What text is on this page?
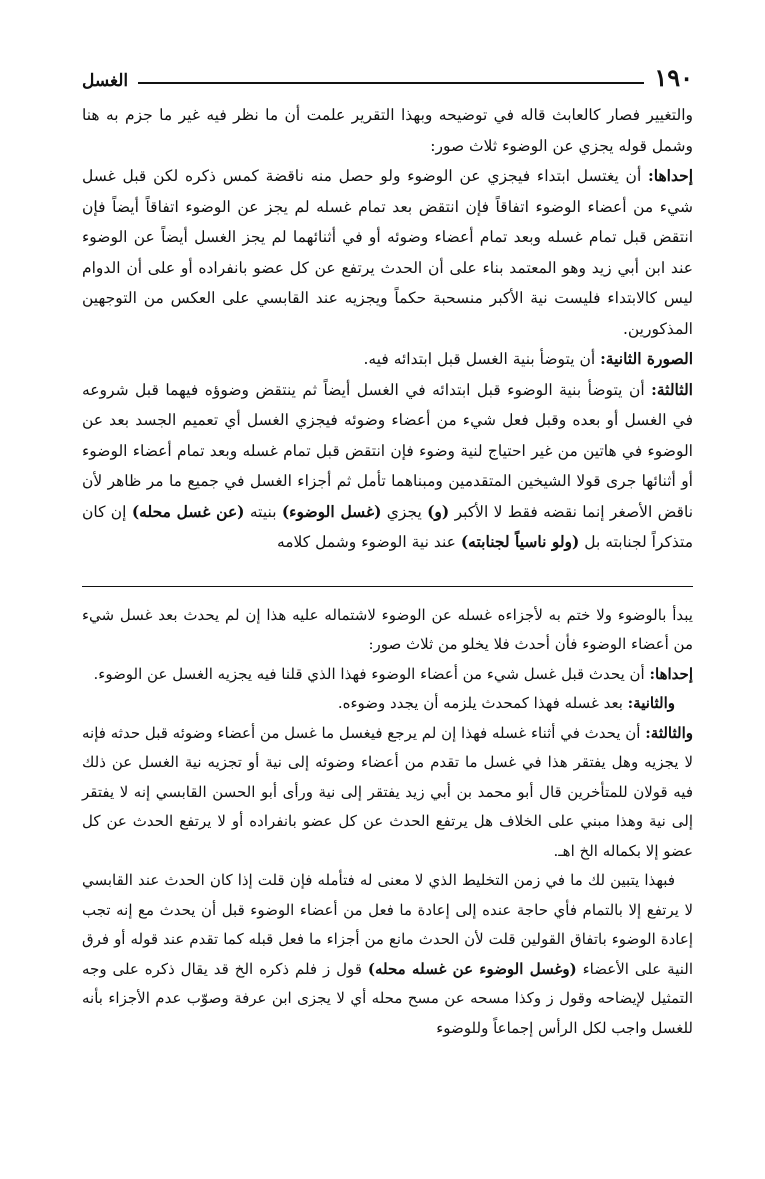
١٩٠
الغسل

والتغيير فصار كالعابث قاله في توضيحه وبهذا التقرير علمت أن ما نظر فيه غير ما جزم به هنا وشمل قوله يجزي عن الوضوء ثلاث صور:

إحداها: أن يغتسل ابتداء فيجزي عن الوضوء ولو حصل منه ناقضة كمس ذكره لكن قبل غسل شيء من أعضاء الوضوء اتفاقاً فإن انتقض بعد تمام غسله لم يجز عن الوضوء اتفاقاً أيضاً فإن انتقض قبل تمام غسله وبعد تمام أعضاء وضوئه أو في أثنائهما لم يجز الغسل أيضاً عن الوضوء عند ابن أبي زيد وهو المعتمد بناء على أن الحدث يرتفع عن كل عضو بانفراده أو على أن الدوام ليس كالابتداء فليست نية الأكبر منسحبة حكماً ويجزيه عند القابسي على العكس من التوجهين المذكورين.

الصورة الثانية: أن يتوضأ بنية الغسل قبل ابتدائه فيه.

الثالثة: أن يتوضأ بنية الوضوء قبل ابتدائه في الغسل أيضاً ثم ينتقض وضوؤه فيهما قبل شروعه في الغسل أو بعده وقبل فعل شيء من أعضاء وضوئه فيجزي الغسل أي تعميم الجسد بعد عن الوضوء في هاتين من غير احتياج لنية وضوء فإن انتقض قبل تمام غسله وبعد تمام أعضاء الوضوء أو أثنائها جرى قولا الشيخين المتقدمين ومبناهما تأمل ثم أجزاء الغسل في جميع ما مر ظاهر لأن ناقض الأصغر إنما نقضه فقط لا الأكبر (و) يجزي (غسل الوضوء) بنيته (عن غسل محله) إن كان متذكراً لجنابته بل (ولو ناسياً لجنابته) عند نية الوضوء وشمل كلامه

يبدأ بالوضوء ولا ختم به لأجزاءه غسله عن الوضوء لاشتماله عليه هذا إن لم يحدث بعد غسل شيء من أعضاء الوضوء فأن أحدث فلا يخلو من ثلاث صور:

إحداها: أن يحدث قبل غسل شيء من أعضاء الوضوء فهذا الذي قلنا فيه يجزيه الغسل عن الوضوء.

والثانية: بعد غسله فهذا كمحدث يلزمه أن يجدد وضوءه.

والثالثة: أن يحدث في أثناء غسله فهذا إن لم يرجع فيغسل ما غسل من أعضاء وضوئه قبل حدثه فإنه لا يجزيه وهل يفتقر هذا في غسل ما تقدم من أعضاء وضوئه إلى نية أو تجزيه نية الغسل عن ذلك فيه قولان للمتأخرين قال أبو محمد بن أبي زيد يفتقر إلى نية ورأى أبو الحسن القابسي إنه لا يفتقر إلى نية وهذا مبني على الخلاف هل يرتفع الحدث عن كل عضو بانفراده أو لا يرتفع الحدث عن كل عضو إلا بكماله الخ اهـ.

فبهذا يتبين لك ما في زمن التخليط الذي لا معنى له فتأمله فإن قلت إذا كان الحدث عند القابسي لا يرتفع إلا بالتمام فأي حاجة عنده إلى إعادة ما فعل من أعضاء الوضوء قبل أن يحدث مع إنه تجب إعادة الوضوء باتفاق القولين قلت لأن الحدث مانع من أجزاء ما فعل قبله كما تقدم عند قوله أو فرق النية على الأعضاء (وغسل الوضوء عن غسله محله) قول ز فلم ذكره الخ قد يقال ذكره على وجه التمثيل لإيضاحه وقول ز وكذا مسحه عن مسح محله أي لا يجزى ابن عرفة وصوّب عدم الأجزاء بأنه للغسل واجب لكل الرأس إجماعاً وللوضوء
